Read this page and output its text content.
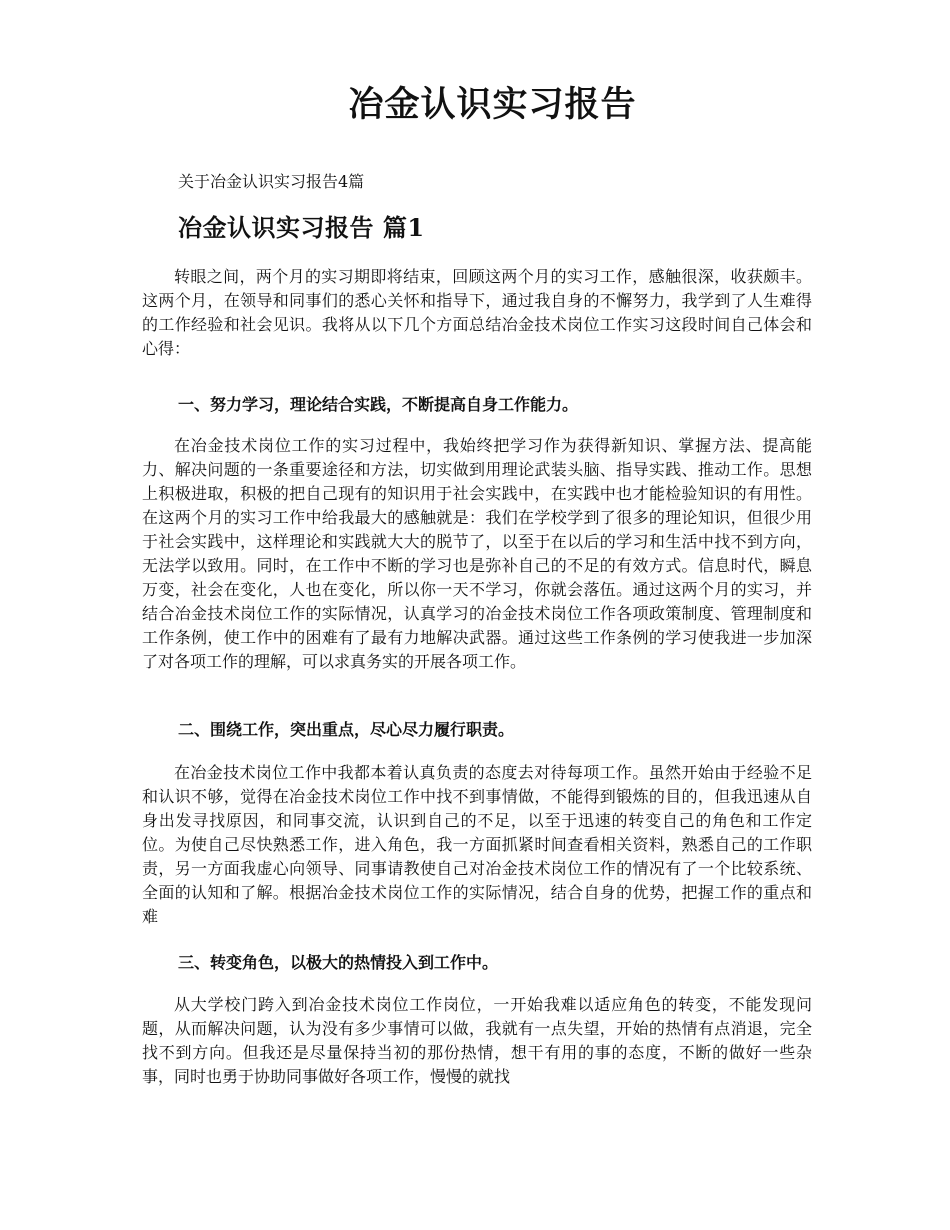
冶金认识实习报告

关于冶金认识实习报告4篇

冶金认识实习报告 篇1

转眼之间，两个月的实习期即将结束，回顾这两个月的实习工作，感触很深，收获颇丰。这两个月，在领导和同事们的悉心关怀和指导下，通过我自身的不懈努力，我学到了人生难得的工作经验和社会见识。我将从以下几个方面总结冶金技术岗位工作实习这段时间自己体会和心得：

一、努力学习，理论结合实践，不断提高自身工作能力。

在冶金技术岗位工作的实习过程中，我始终把学习作为获得新知识、掌握方法、提高能力、解决问题的一条重要途径和方法，切实做到用理论武装头脑、指导实践、推动工作。思想上积极进取，积极的把自己现有的知识用于社会实践中，在实践中也才能检验知识的有用性。在这两个月的实习工作中给我最大的感触就是：我们在学校学到了很多的理论知识，但很少用于社会实践中，这样理论和实践就大大的脱节了，以至于在以后的学习和生活中找不到方向，无法学以致用。同时，在工作中不断的学习也是弥补自己的不足的有效方式。信息时代，瞬息万变，社会在变化，人也在变化，所以你一天不学习，你就会落伍。通过这两个月的实习，并结合冶金技术岗位工作的实际情况，认真学习的冶金技术岗位工作各项政策制度、管理制度和工作条例，使工作中的困难有了最有力地解决武器。通过这些工作条例的学习使我进一步加深了对各项工作的理解，可以求真务实的开展各项工作。

二、围绕工作，突出重点，尽心尽力履行职责。

在冶金技术岗位工作中我都本着认真负责的态度去对待每项工作。虽然开始由于经验不足和认识不够，觉得在冶金技术岗位工作中找不到事情做，不能得到锻炼的目的，但我迅速从自身出发寻找原因，和同事交流，认识到自己的不足，以至于迅速的转变自己的角色和工作定位。为使自己尽快熟悉工作，进入角色，我一方面抓紧时间查看相关资料，熟悉自己的工作职责，另一方面我虚心向领导、同事请教使自己对冶金技术岗位工作的情况有了一个比较系统、全面的认知和了解。根据冶金技术岗位工作的实际情况，结合自身的优势，把握工作的重点和难

三、转变角色，以极大的热情投入到工作中。

从大学校门跨入到冶金技术岗位工作岗位，一开始我难以适应角色的转变，不能发现问题，从而解决问题，认为没有多少事情可以做，我就有一点失望，开始的热情有点消退，完全找不到方向。但我还是尽量保持当初的那份热情，想干有用的事的态度，不断的做好一些杂事，同时也勇于协助同事做好各项工作，慢慢的就找
